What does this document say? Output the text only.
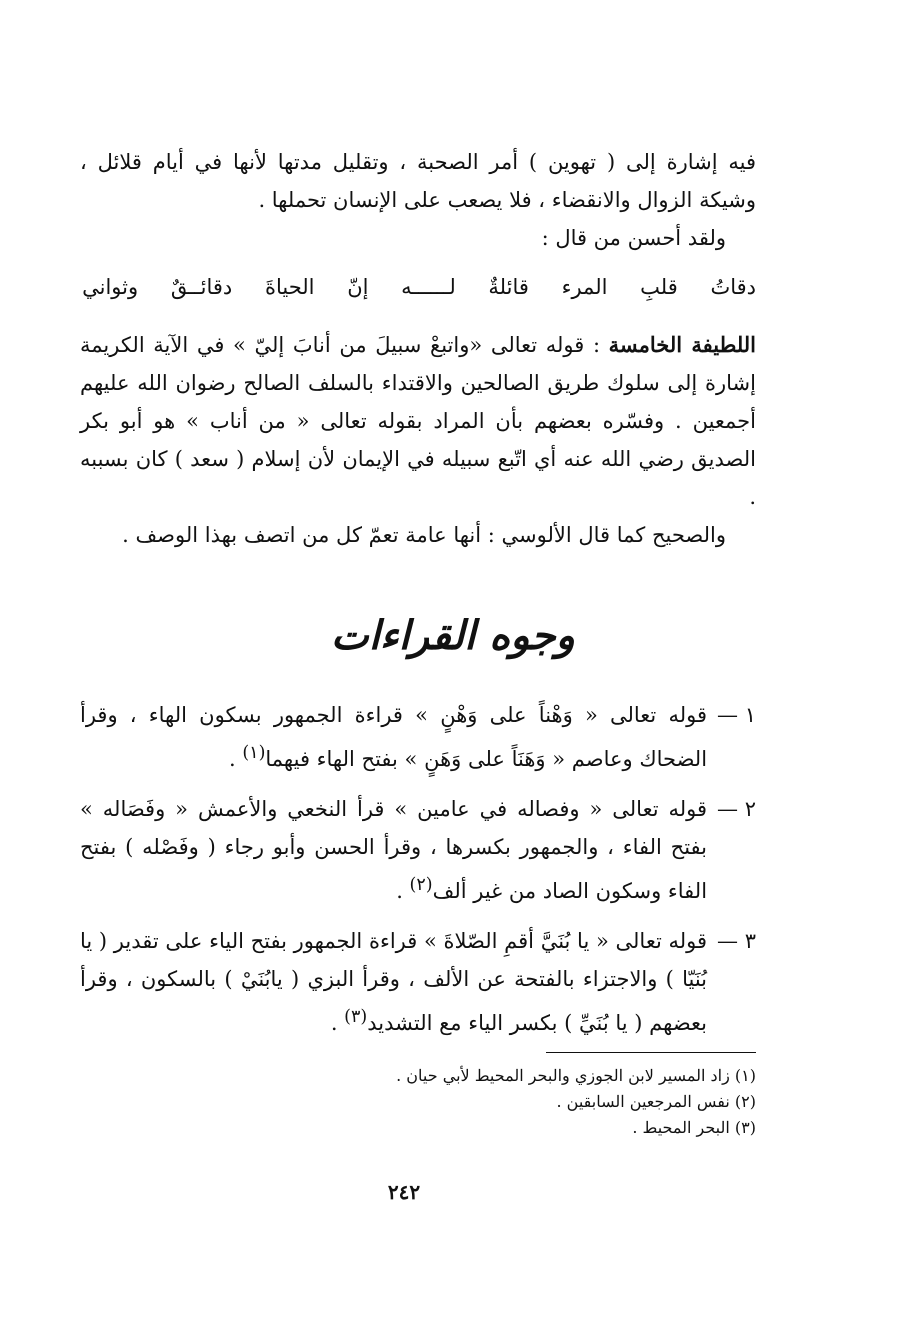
فيه إشارة إلى ( تهوين ) أمر الصحبة ، وتقليل مدتها لأنها في أيام قلائل ، وشيكة الزوال والانقضاء ، فلا يصعب على الإنسان تحملها .

ولقد أحسن من قال :

دقاتُ
قلبِ
المرء
قائلةٌ
لــــــه
إنّ
الحياةَ
دقائــقٌ
وثواني

اللطيفة الخامسة : قوله تعالى «واتبعْ سبيلَ من أنابَ إليّ » في الآية الكريمة إشارة إلى سلوك طريق الصالحين والاقتداء بالسلف الصالح رضوان الله عليهم أجمعين . وفسّره بعضهم بأن المراد بقوله تعالى « من أناب » هو أبو بكر الصديق رضي الله عنه أي اتّبع سبيله في الإيمان لأن إسلام ( سعد ) كان بسببه .

والصحيح كما قال الألوسي : أنها عامة تعمّ كل من اتصف بهذا الوصف .

وجوه القراءات
١ —
قوله تعالى « وَهْناً على وَهْنٍ » قراءة الجمهور بسكون الهاء ، وقرأ الضحاك وعاصم « وَهَنَاً على وَهَنٍ » بفتح الهاء فيهما$^{(١)}$ .
٢ —
قوله تعالى « وفصاله في عامين » قرأ النخعي والأعمش « وفَصَاله » بفتح الفاء ، والجمهور بكسرها ، وقرأ الحسن وأبو رجاء ( وفَصْله ) بفتح الفاء وسكون الصاد من غير ألف$^{(٢)}$ .
٣ —
قوله تعالى « يا بُنَيَّ أقمِ الصّلاةَ » قراءة الجمهور بفتح الياء على تقدير ( يا بُنَيّا ) والاجتزاء بالفتحة عن الألف ، وقرأ البزي ( يابُنَيْ ) بالسكون ، وقرأ بعضهم ( يا بُنَيِّ ) بكسر الياء مع التشديد$^{(٣)}$ .

(١) زاد المسير لابن الجوزي والبحر المحيط لأبي حيان .

(٢) نفس المرجعين السابقين .

(٣) البحر المحيط .

٢٤٢
